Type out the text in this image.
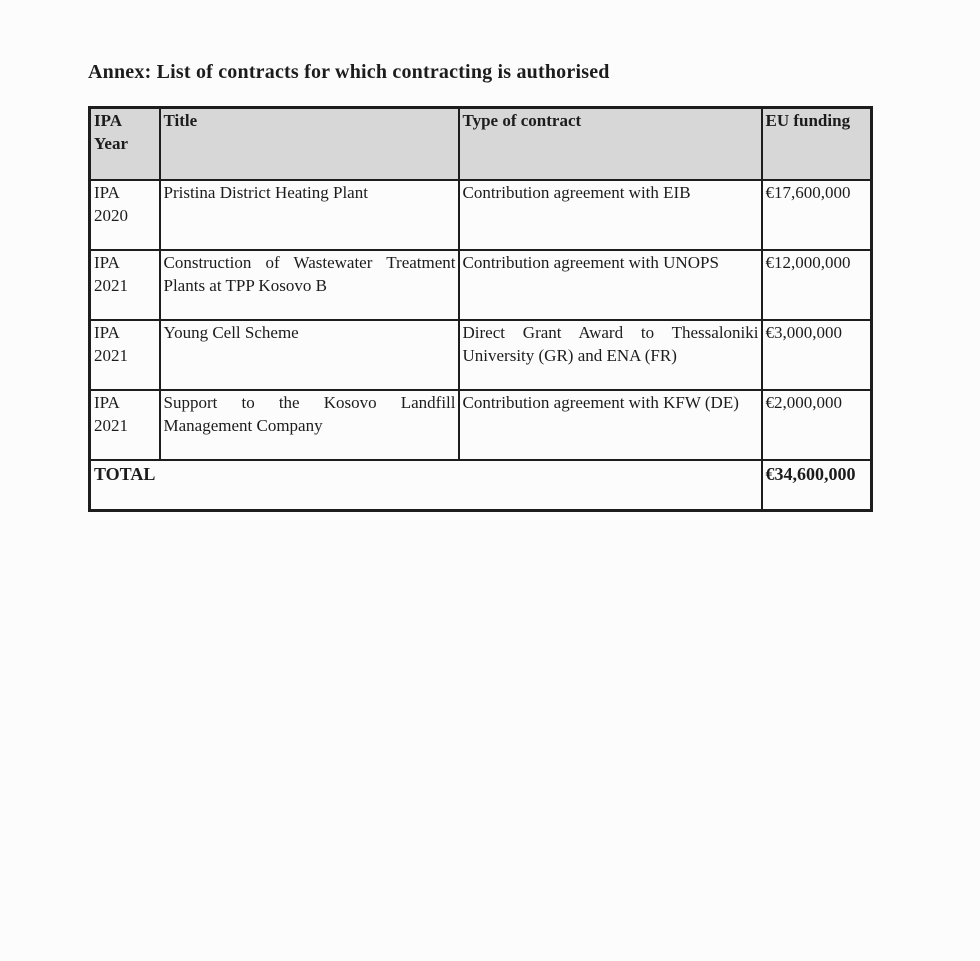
Annex: List of contracts for which contracting is authorised
IPA Year	Title	Type of contract	EU funding
IPA 2020	Pristina District Heating Plant	Contribution agreement with EIB	€17,600,000
IPA 2021	Construction of Wastewater Treatment Plants at TPP Kosovo B	Contribution agreement with UNOPS	€12,000,000
IPA 2021	Young Cell Scheme	Direct Grant Award to Thessaloniki University (GR) and ENA (FR)	€3,000,000
IPA 2021	Support to the Kosovo Landfill Management Company	Contribution agreement with KFW (DE)	€2,000,000
TOTAL			€34,600,000
